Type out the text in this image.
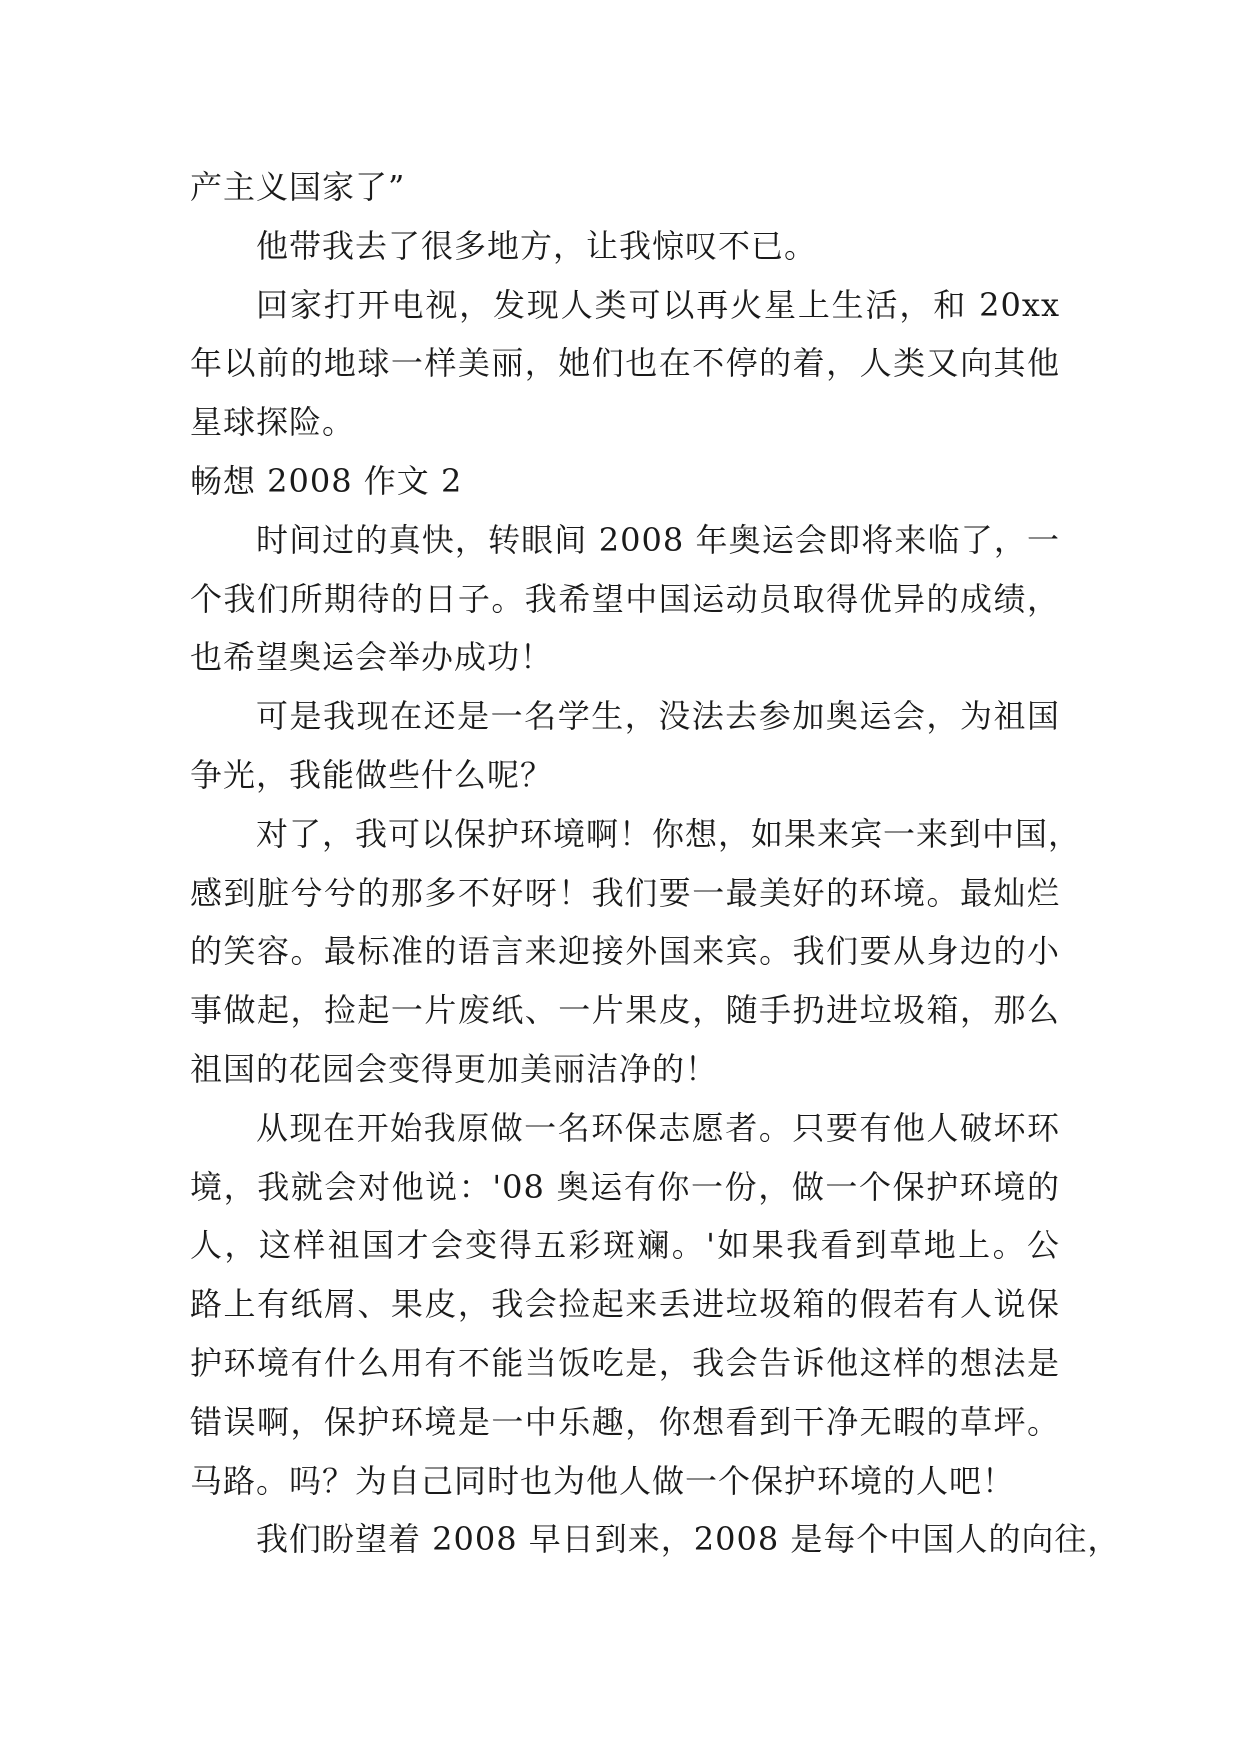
产主义国家了”
他带我去了很多地方，让我惊叹不已。
回家打开电视，发现人类可以再火星上生活，和 20xx
年以前的地球一样美丽，她们也在不停的着，人类又向其他
星球探险。
畅想 2008 作文 2
时间过的真快，转眼间 2008 年奥运会即将来临了，一
个我们所期待的日子。我希望中国运动员取得优异的成绩，
也希望奥运会举办成功！
可是我现在还是一名学生，没法去参加奥运会，为祖国
争光，我能做些什么呢？
对了，我可以保护环境啊！你想，如果来宾一来到中国，
感到脏兮兮的那多不好呀！我们要一最美好的环境。最灿烂
的笑容。最标准的语言来迎接外国来宾。我们要从身边的小
事做起，捡起一片废纸、一片果皮，随手扔进垃圾箱，那么
祖国的花园会变得更加美丽洁净的！
从现在开始我原做一名环保志愿者。只要有他人破坏环
境，我就会对他说：'08 奥运有你一份，做一个保护环境的
人，这样祖国才会变得五彩斑斓。'如果我看到草地上。公
路上有纸屑、果皮，我会捡起来丢进垃圾箱的假若有人说保
护环境有什么用有不能当饭吃是，我会告诉他这样的想法是
错误啊，保护环境是一中乐趣，你想看到干净无暇的草坪。
马路。吗？为自己同时也为他人做一个保护环境的人吧！
我们盼望着 2008 早日到来，2008 是每个中国人的向往，
